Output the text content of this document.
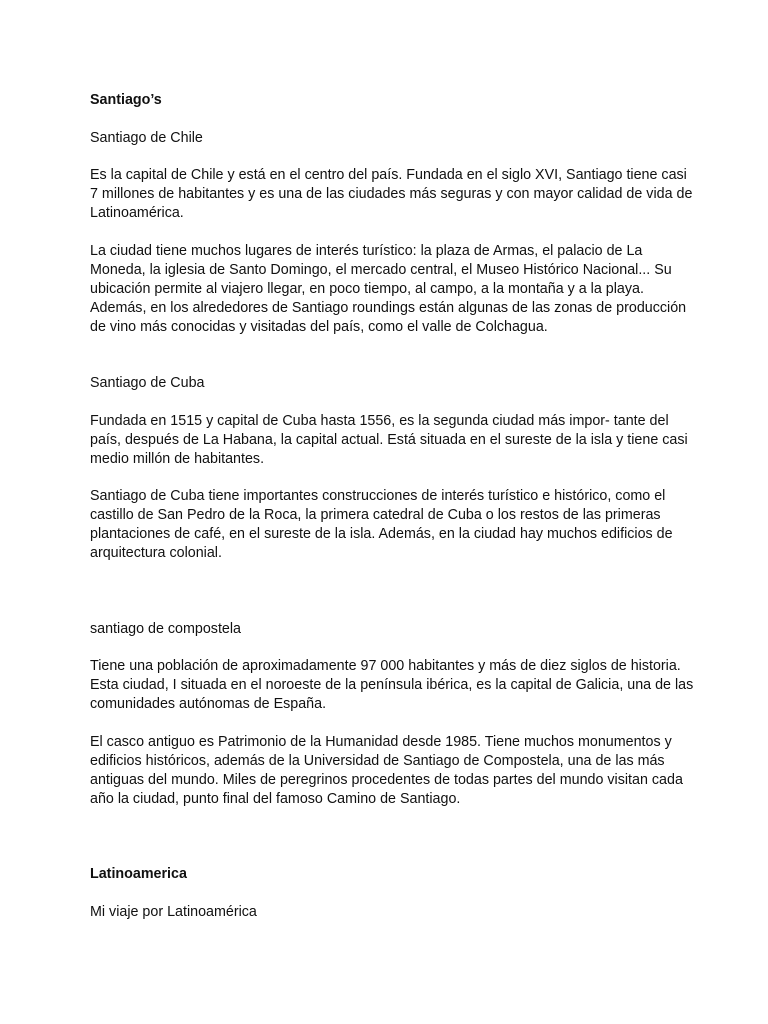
Santiago’s

Santiago de Chile

Es la capital de Chile y está en el centro del país. Fundada en el siglo XVI, Santiago tiene casi

7 millones de habitantes y es una de las ciudades más seguras y con mayor calidad de vida de

Latinoamérica.

La ciudad tiene muchos lugares de interés turístico: la plaza de Armas, el palacio de La

Moneda, la iglesia de Santo Domingo, el mercado central, el Museo Histórico Nacional... Su

ubicación permite al viajero llegar, en poco tiempo, al campo, a la montaña y a la playa.

Además, en los alrededores de Santiago roundings están algunas de las zonas de producción

de vino más conocidas y visitadas del país, como el valle de Colchagua.

Santiago de Cuba

Fundada en 1515 y capital de Cuba hasta 1556, es la segunda ciudad más impor- tante del

país, después de La Habana, la capital actual. Está situada en el sureste de la isla y tiene casi

medio millón de habitantes.

Santiago de Cuba tiene importantes construcciones de interés turístico e histórico, como el

castillo de San Pedro de la Roca, la primera catedral de Cuba o los restos de las primeras

plantaciones de café, en el sureste de la isla. Además, en la ciudad hay muchos edificios de

arquitectura colonial.

santiago de compostela

Tiene una población de aproximadamente 97 000 habitantes y más de diez siglos de historia.

Esta ciudad, I situada en el noroeste de la península ibérica, es la capital de Galicia, una de las

comunidades autónomas de España.

El casco antiguo es Patrimonio de la Humanidad desde 1985. Tiene muchos monumentos y

edificios históricos, además de la Universidad de Santiago de Compostela, una de las más

antiguas del mundo. Miles de peregrinos procedentes de todas partes del mundo visitan cada

año la ciudad, punto final del famoso Camino de Santiago.

Latinoamerica

Mi viaje por Latinoamérica
